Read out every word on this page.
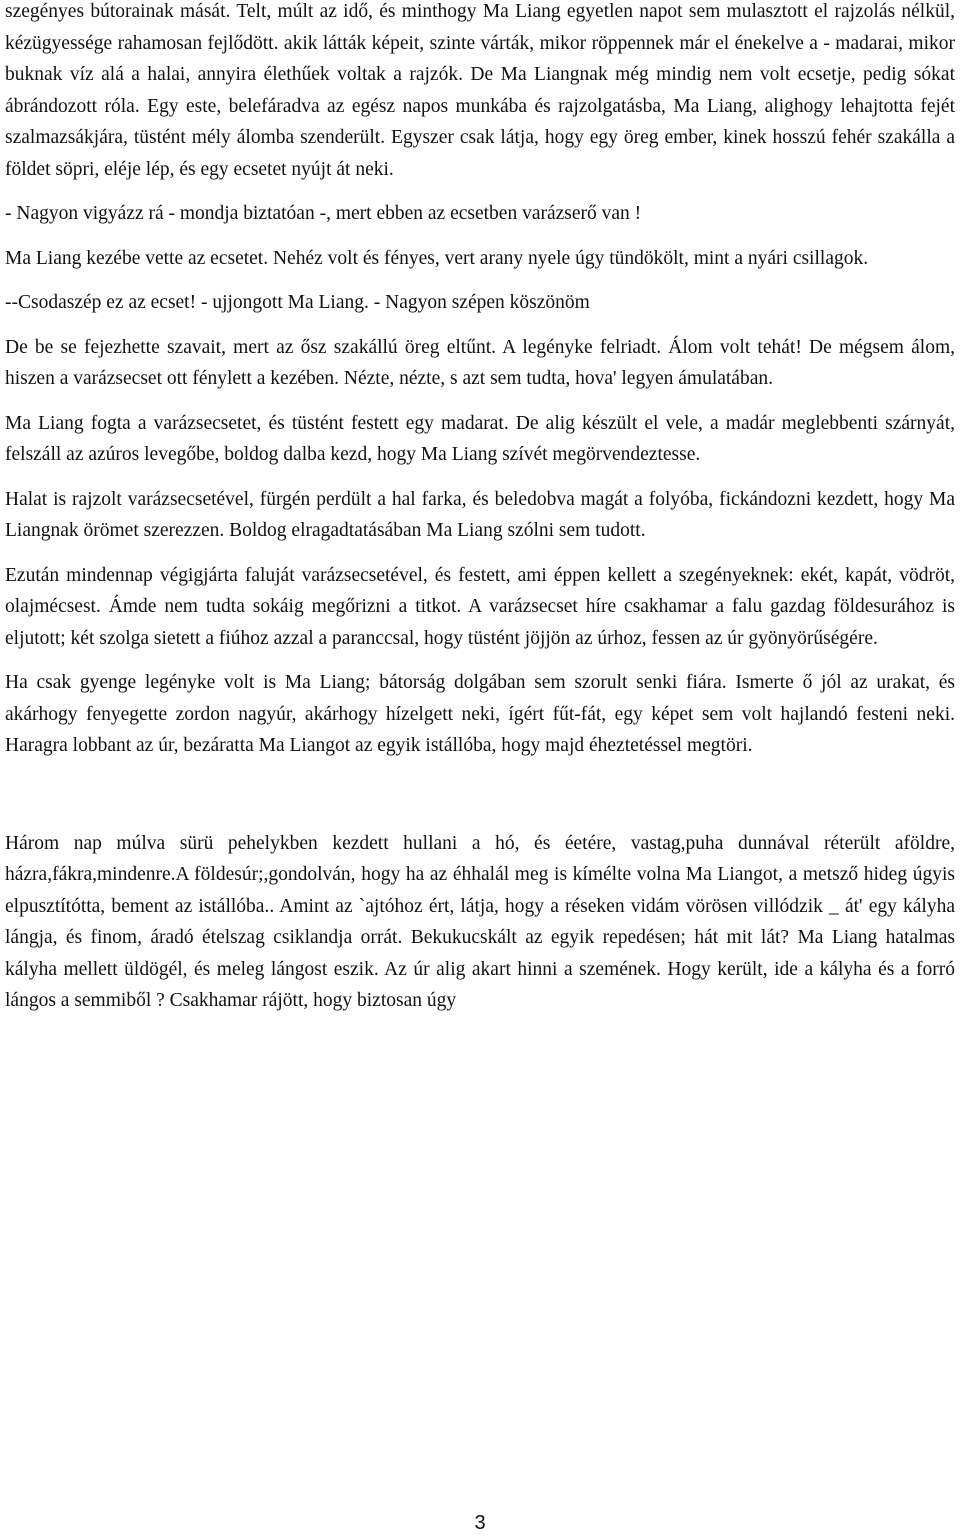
szegényes bútorainak mását. Telt, múlt az idő, és minthogy Ma Liang egyetlen napot sem mulasztott el rajzolás nélkül, kézügyessége rahamosan fejlődött. akik látták képeit, szinte várták, mikor röppennek már el énekelve a - madarai, mikor buknak víz alá a halai, annyira élethűek voltak a rajzók. De Ma Liangnak még mindig nem volt ecsetje, pedig sókat ábrándozott róla. Egy este, belefáradva az egész napos munkába és rajzolgatásba, Ma Liang, alighogy lehajtotta fejét szalmazsákjára, tüstént mély álomba szenderült. Egyszer csak látja, hogy egy öreg ember, kinek hosszú fehér szakálla a földet söpri, eléje lép, és egy ecsetet nyújt át neki.

- Nagyon vigyázz rá - mondja biztatóan -, mert ebben az ecsetben varázserő van !

Ma Liang kezébe vette az ecsetet. Nehéz volt és fényes, vert arany nyele úgy tündökölt, mint a nyári csillagok.

--Csodaszép ez az ecset! - ujjongott Ma Liang. - Nagyon szépen köszönöm

De be se fejezhette szavait, mert az ősz szakállú öreg eltűnt. A legényke felriadt. Álom volt tehát! De mégsem álom, hiszen a varázsecset ott fénylett a kezében. Nézte, nézte, s azt sem tudta, hova' legyen ámulatában.

Ma Liang fogta a varázsecsetet, és tüstént festett egy madarat. De alig készült el vele, a madár meglebbenti szárnyát, felszáll az azúros levegőbe, boldog dalba kezd, hogy Ma Liang szívét megörvendeztesse.

Halat is rajzolt varázsecsetével, fürgén perdült a hal farka, és beledobva magát a folyóba, fickándozni kezdett, hogy Ma Liangnak örömet szerezzen. Boldog elragadtatásában Ma Liang szólni sem tudott.

Ezután mindennap végigjárta faluját varázsecsetével, és festett, ami éppen kellett a szegényeknek: ekét, kapát, vödröt, olajmécsest. Ámde nem tudta sokáig megőrizni a titkot. A varázsecset híre csakhamar a falu gazdag földesurához is eljutott; két szolga sietett a fiúhoz azzal a paranccsal, hogy tüstént jöjjön az úrhoz, fessen az úr gyönyörűségére.

Ha csak gyenge legényke volt is Ma Liang; bátorság dolgában sem szorult senki fiára. Ismerte ő jól az urakat, és akárhogy fenyegette zordon nagyúr, akárhogy hízelgett neki, ígért fűt-fát, egy képet sem volt hajlandó festeni neki. Haragra lobbant az úr, bezáratta Ma Liangot az egyik istállóba, hogy majd éheztetéssel megtöri.

Három nap múlva sürü pehelykben kezdett hullani a hó, és éetére, vastag,puha dunnával réterült aföldre, házra,fákra,mindenre.A földesúr;,gondolván, hogy ha az éhhalál meg is kímélte volna Ma Liangot, a metsző hideg úgyis elpusztítótta, bement az istállóba.. Amint az `ajtóhoz ért, látja, hogy a réseken vidám vörösen villódzik _ át' egy kályha lángja, és finom, áradó ételszag csiklandja orrát. Bekukucskált az egyik repedésen; hát mit lát? Ma Liang hatalmas kályha mellett üldögél, és meleg lángost eszik. Az úr alig akart hinni a szemének. Hogy került, ide a kályha és a forró lángos a semmiből ? Csakhamar rájött, hogy biztosan úgy

3
